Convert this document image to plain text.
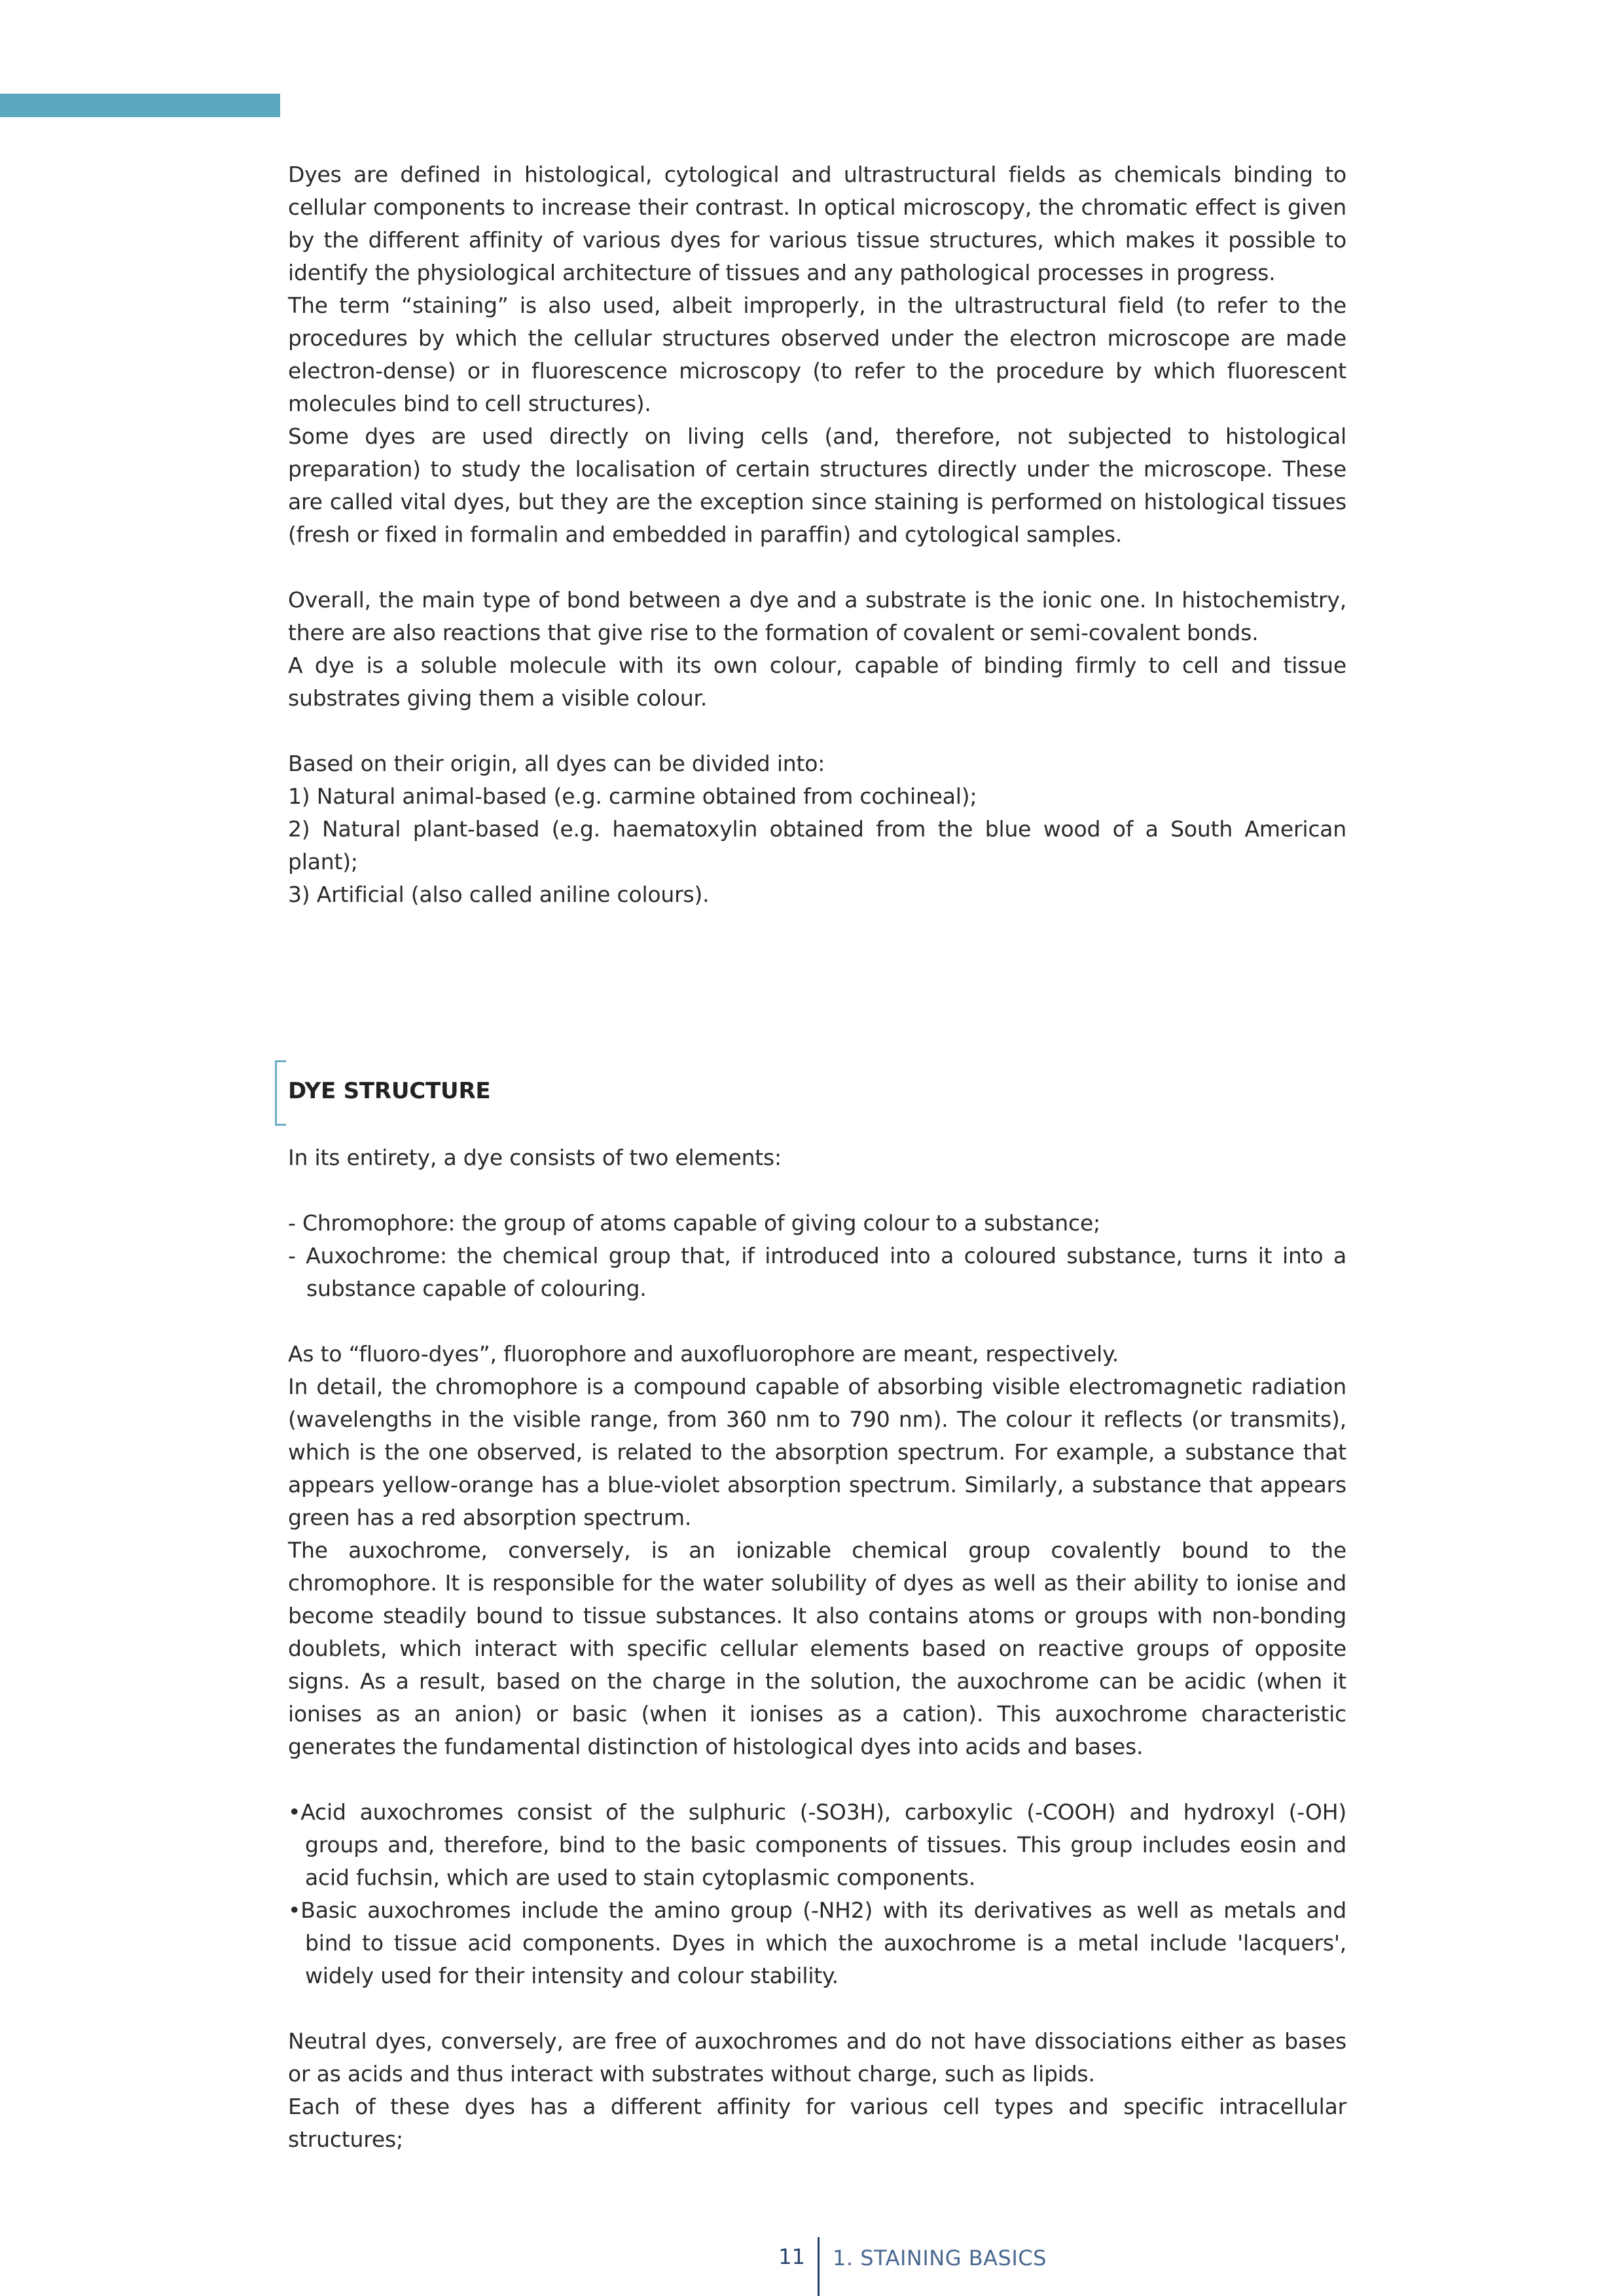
Dyes are defined in histological, cytological and ultrastructural fields as chemicals binding to cellular components to increase their contrast. In optical microscopy, the chromatic effect is given by the different affinity of various dyes for various tissue structures, which makes it possible to identify the physiological architecture of tissues and any pathological processes in progress.

The term “staining” is also used, albeit improperly, in the ultrastructural field (to refer to the procedures by which the cellular structures observed under the electron microscope are made electron-dense) or in fluorescence microscopy (to refer to the procedure by which fluorescent molecules bind to cell structures).

Some dyes are used directly on living cells (and, therefore, not subjected to histological preparation) to study the localisation of certain structures directly under the microscope. These are called vital dyes, but they are the exception since staining is performed on histological tissues (fresh or fixed in formalin and embedded in paraffin) and cytological samples.

Overall, the main type of bond between a dye and a substrate is the ionic one. In histochemistry, there are also reactions that give rise to the formation of covalent or semi-covalent bonds.

A dye is a soluble molecule with its own colour, capable of binding firmly to cell and tissue substrates giving them a visible colour.

Based on their origin, all dyes can be divided into:

1) Natural animal-based (e.g. carmine obtained from cochineal);

2) Natural plant-based (e.g. haematoxylin obtained from the blue wood of a South American plant);

3) Artificial (also called aniline colours).

DYE STRUCTURE

In its entirety, a dye consists of two elements:

- Chromophore: the group of atoms capable of giving colour to a substance;

- Auxochrome: the chemical group that, if introduced into a coloured substance, turns it into a substance capable of colouring.

As to “fluoro-dyes”, fluorophore and auxofluorophore are meant, respectively.

In detail, the chromophore is a compound capable of absorbing visible electromagnetic radiation (wavelengths in the visible range, from 360 nm to 790 nm). The colour it reflects (or transmits), which is the one observed, is related to the absorption spectrum. For example, a substance that appears yellow-orange has a blue-violet absorption spectrum. Similarly, a substance that appears green has a red absorption spectrum.

The auxochrome, conversely, is an ionizable chemical group covalently bound to the chromophore. It is responsible for the water solubility of dyes as well as their ability to ionise and become steadily bound to tissue substances. It also contains atoms or groups with non-bonding doublets, which interact with specific cellular elements based on reactive groups of opposite signs. As a result, based on the charge in the solution, the auxochrome can be acidic (when it ionises as an anion) or basic (when it ionises as a cation). This auxochrome characteristic generates the fundamental distinction of histological dyes into acids and bases.

•Acid auxochromes consist of the sulphuric (-SO3H), carboxylic (-COOH) and hydroxyl (-OH) groups and, therefore, bind to the basic components of tissues. This group includes eosin and acid fuchsin, which are used to stain cytoplasmic components.

•Basic auxochromes include the amino group (-NH2) with its derivatives as well as metals and bind to tissue acid components. Dyes in which the auxochrome is a metal include 'lacquers', widely used for their intensity and colour stability.

Neutral dyes, conversely, are free of auxochromes and do not have dissociations either as bases or as acids and thus interact with substrates without charge, such as lipids.

Each of these dyes has a different affinity for various cell types and specific intracellular structures;

11 1. STAINING BASICS
